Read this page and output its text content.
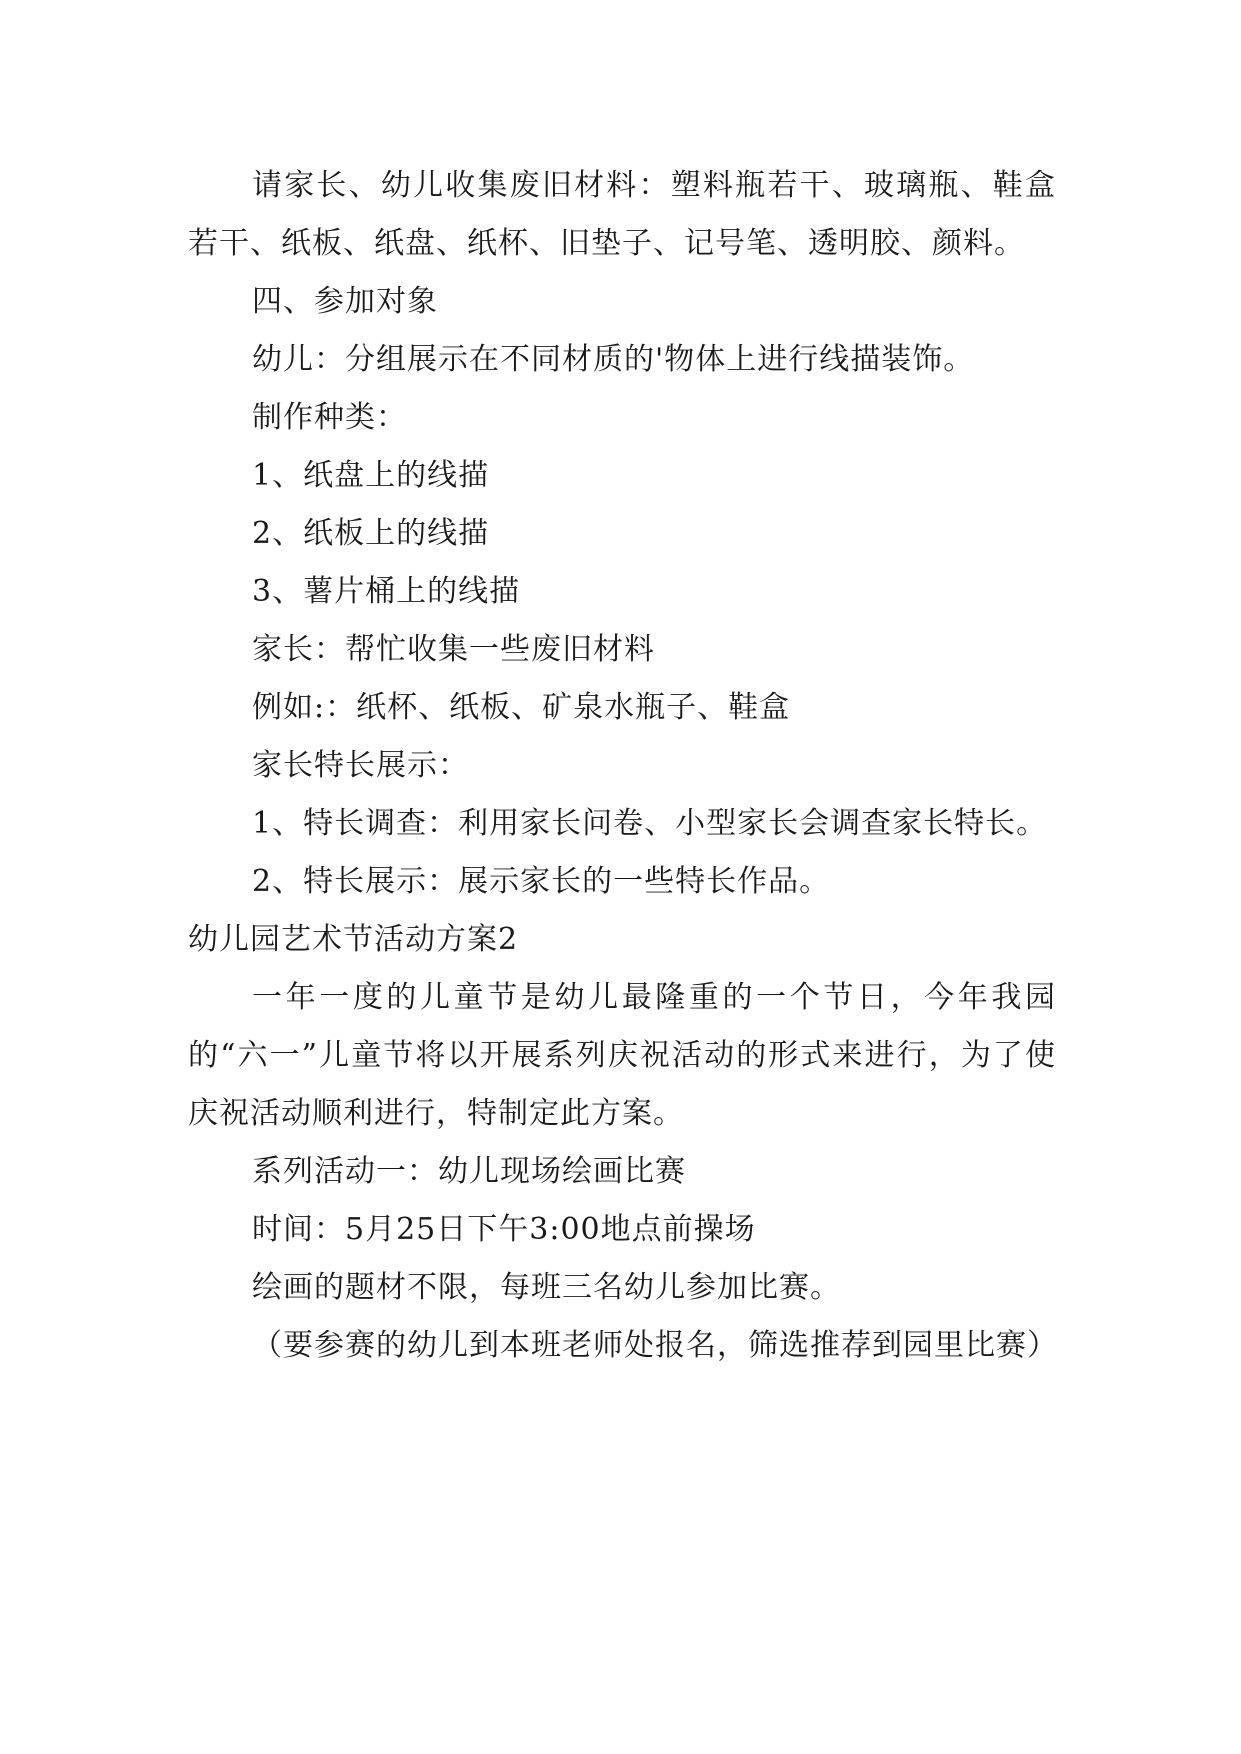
请家长、幼儿收集废旧材料：塑料瓶若干、玻璃瓶、鞋盒若干、纸板、纸盘、纸杯、旧垫子、记号笔、透明胶、颜料。

四、参加对象

幼儿：分组展示在不同材质的'物体上进行线描装饰。

制作种类：

1、纸盘上的线描

2、纸板上的线描

3、薯片桶上的线描

家长：帮忙收集一些废旧材料

例如:：纸杯、纸板、矿泉水瓶子、鞋盒

家长特长展示：

1、特长调查：利用家长问卷、小型家长会调查家长特长。

2、特长展示：展示家长的一些特长作品。

幼儿园艺术节活动方案2

一年一度的儿童节是幼儿最隆重的一个节日，今年我园的“六一”儿童节将以开展系列庆祝活动的形式来进行，为了使庆祝活动顺利进行，特制定此方案。

系列活动一：幼儿现场绘画比赛

时间：5月25日下午3:00地点前操场

绘画的题材不限，每班三名幼儿参加比赛。

（要参赛的幼儿到本班老师处报名，筛选推荐到园里比赛）
